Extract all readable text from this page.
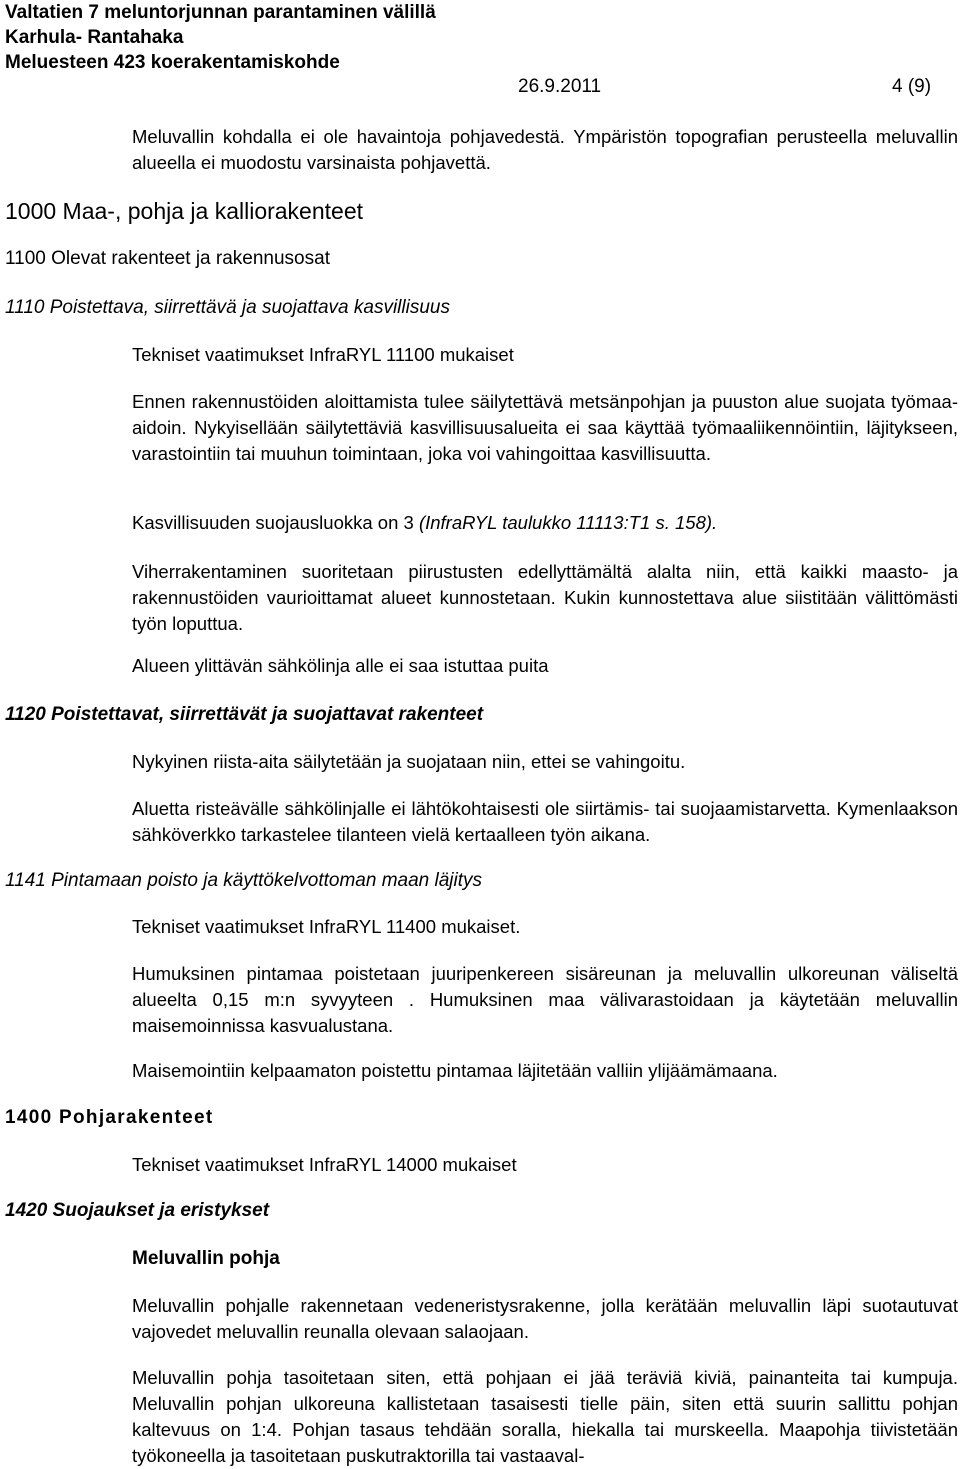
Valtatien 7 meluntorjunnan parantaminen välillä
Karhula- Rantahaka
Meluesteen 423 koerakentamiskohde
26.9.2011	4 (9)
Meluvallin kohdalla ei ole havaintoja pohjavedestä. Ympäristön topografian perusteella meluvallin alueella ei muodostu varsinaista pohjavettä.
1000 Maa-, pohja ja kalliorakenteet
1100 Olevat rakenteet ja rakennusosat
1110 Poistettava, siirrettävä ja suojattava kasvillisuus
Tekniset vaatimukset InfraRYL 11100 mukaiset
Ennen rakennustöiden aloittamista tulee säilytettävä metsänpohjan ja puuston alue suojata työmaa-aidoin. Nykyisellään säilytettäviä kasvillisuusalueita ei saa käyttää työmaaliikennöintiin, läjitykseen, varastointiin tai muuhun toimintaan, joka voi vahingoittaa kasvillisuutta.
Kasvillisuuden suojausluokka on 3 (InfraRYL taulukko 11113:T1 s. 158).
Viherrakentaminen suoritetaan piirustusten edellyttämältä alalta niin, että kaikki maasto- ja rakennustöiden vaurioittamat alueet kunnostetaan. Kukin kunnostettava alue siistitään välittömästi työn loputtua.
Alueen ylittävän sähkölinja alle ei saa istuttaa puita
1120 Poistettavat, siirrettävät ja suojattavat rakenteet
Nykyinen riista-aita säilytetään ja suojataan niin, ettei se vahingoitu.
Aluetta risteävälle sähkölinjalle ei lähtökohtaisesti ole siirtämis- tai suojaamistarvetta. Kymenlaakson sähköverkko tarkastelee tilanteen vielä kertaalleen työn aikana.
1141 Pintamaan poisto ja käyttökelvottoman maan läjitys
Tekniset vaatimukset InfraRYL 11400 mukaiset.
Humuksinen pintamaa poistetaan juuripenkereen sisäreunan ja meluvallin ulkoreunan väliseltä alueelta 0,15 m:n syvyyteen . Humuksinen maa välivarastoidaan ja käytetään meluvallin maisemoinnissa kasvualustana.
Maisemointiin kelpaamaton poistettu pintamaa läjitetään valliin ylijäämämaana.
1400 Pohjarakenteet
Tekniset vaatimukset InfraRYL 14000 mukaiset
1420 Suojaukset ja eristykset
Meluvallin pohja
Meluvallin pohjalle rakennetaan vedeneristysrakenne, jolla kerätään meluvallin läpi suotautuvat vajovedet meluvallin reunalla olevaan salaojaan.
Meluvallin pohja tasoitetaan siten, että pohjaan ei jää teräviä kiviä, painanteita tai kumpuja. Meluvallin pohjan ulkoreuna kallistetaan tasaisesti tielle päin, siten että suurin sallittu pohjan kaltevuus on 1:4. Pohjan tasaus tehdään soralla, hiekalla tai murskeella. Maapohja tiivistetään työkoneella ja tasoitetaan puskutraktorilla tai vastaaval-
